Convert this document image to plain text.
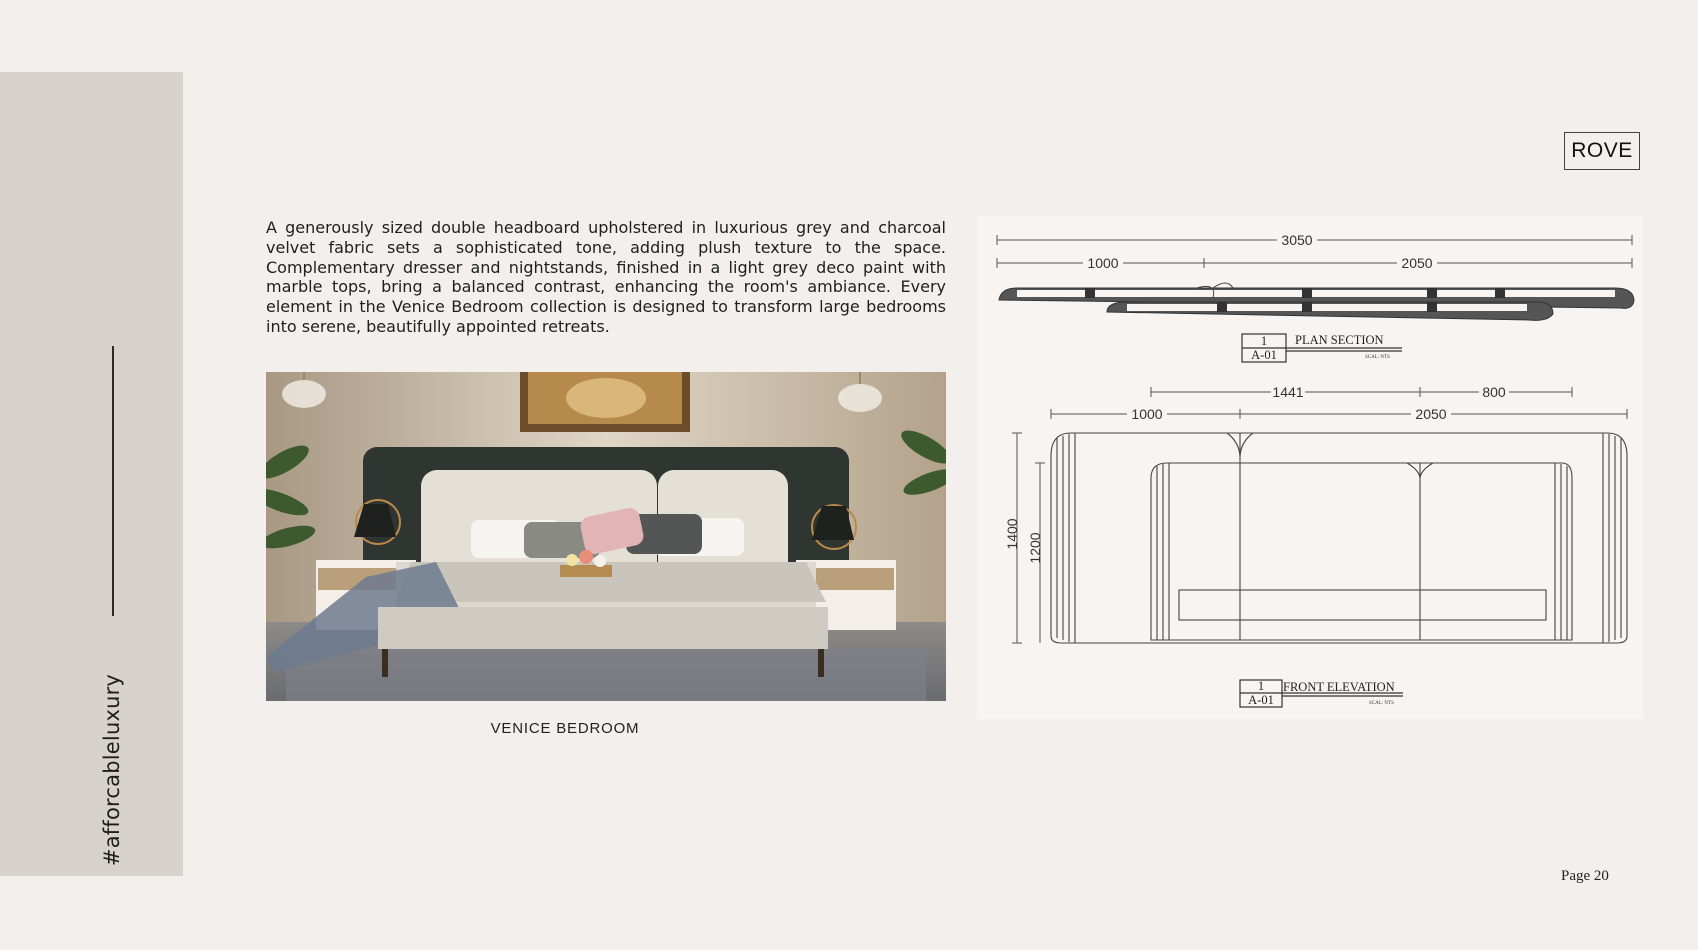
#afforcableluxury
ROVE

A generously sized double headboard upholstered in luxurious grey and charcoal velvet fabric sets a sophisticated tone, adding plush texture to the space. Complementary dresser and nightstands, finished in a light grey deco paint with marble tops, bring a balanced contrast, enhancing the room's ambiance. Every element in the Venice Bedroom collection is designed to transform large bedrooms into serene, beautifully appointed retreats.

VENICE BEDROOM
3050
1000	2050
1
A-01
PLAN SECTION
SCAL: NTS
1441	800
1000	2050
1400 1200
1
A-01
FRONT ELEVATION
SCAL: NTS
Page 20
